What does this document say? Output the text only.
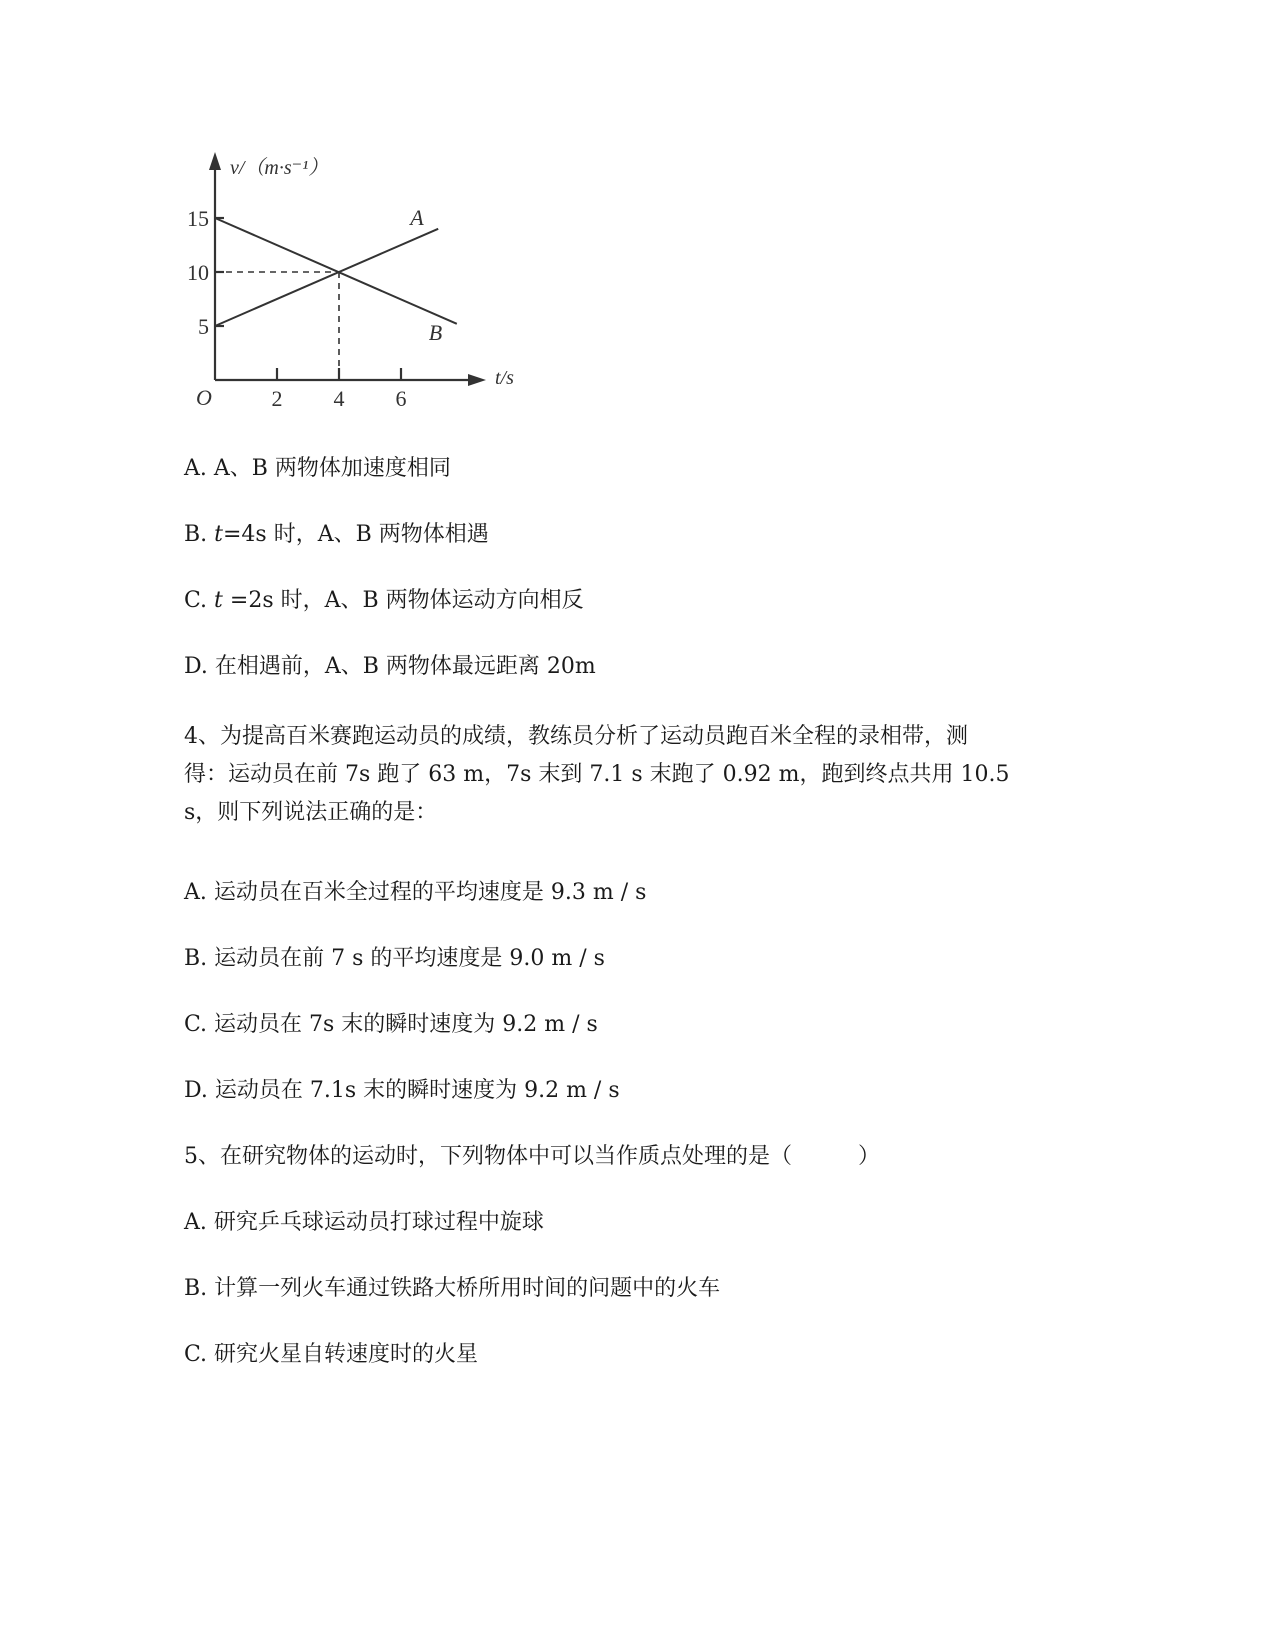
v/（m·s⁻¹）
t/s
O	2 4 6
5
10
15	A
B
A. A、B 两物体加速度相同
B. t=4s 时，A、B 两物体相遇
C. t =2s 时，A、B 两物体运动方向相反
D. 在相遇前，A、B 两物体最远距离 20m
4、为提高百米赛跑运动员的成绩，教练员分析了运动员跑百米全程的录相带，测
得：运动员在前 7s 跑了 63 m，7s 末到 7.1 s 末跑了 0.92 m，跑到终点共用 10.5
s，则下列说法正确的是：
A. 运动员在百米全过程的平均速度是 9.3 m / s
B. 运动员在前 7 s 的平均速度是 9.0 m / s
C. 运动员在 7s 末的瞬时速度为 9.2 m / s
D. 运动员在 7.1s 末的瞬时速度为 9.2 m / s
5、在研究物体的运动时，下列物体中可以当作质点处理的是（　　　）
A. 研究乒乓球运动员打球过程中旋球
B. 计算一列火车通过铁路大桥所用时间的问题中的火车
C. 研究火星自转速度时的火星
